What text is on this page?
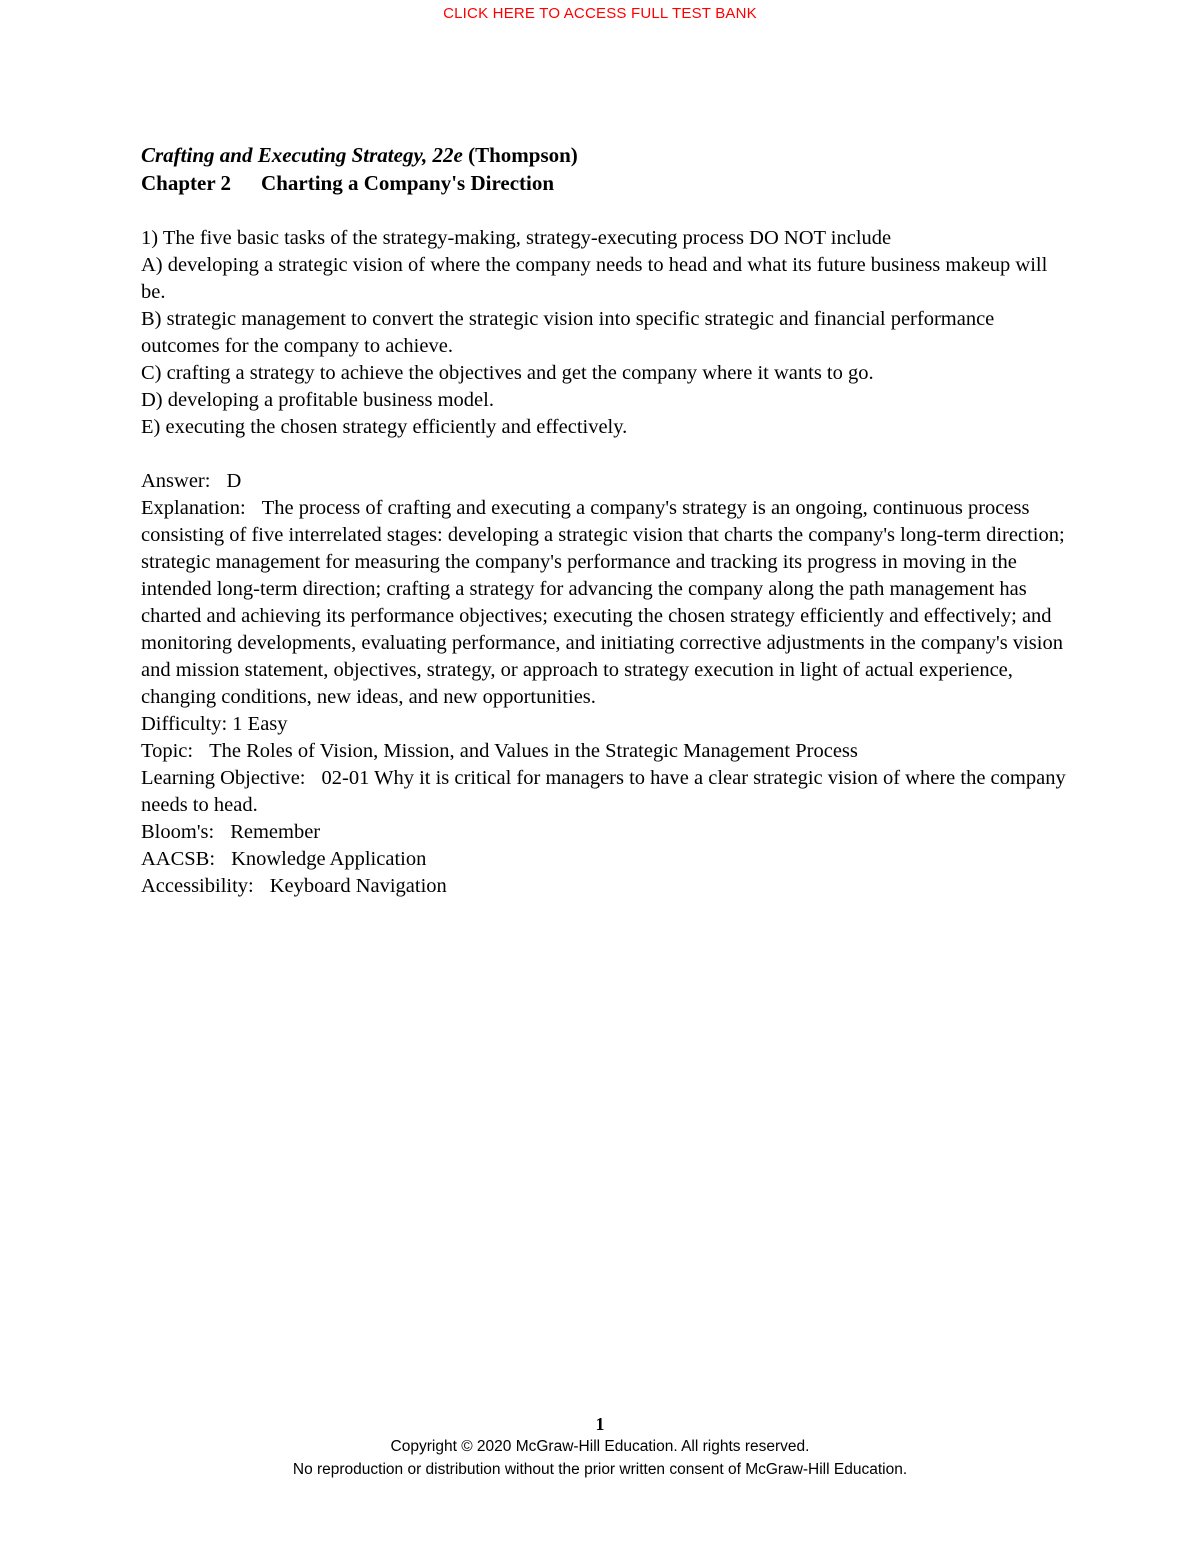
CLICK HERE TO ACCESS FULL TEST BANK

Crafting and Executing Strategy, 22e (Thompson)

Chapter 2 Charting a Company's Direction

1) The five basic tasks of the strategy-making, strategy-executing process DO NOT include

A) developing a strategic vision of where the company needs to head and what its future business makeup will be.

B) strategic management to convert the strategic vision into specific strategic and financial performance outcomes for the company to achieve.

C) crafting a strategy to achieve the objectives and get the company where it wants to go.

D) developing a profitable business model.

E) executing the chosen strategy efficiently and effectively.

Answer: D

Explanation: The process of crafting and executing a company's strategy is an ongoing, continuous process consisting of five interrelated stages: developing a strategic vision that charts the company's long-term direction; strategic management for measuring the company's performance and tracking its progress in moving in the intended long-term direction; crafting a strategy for advancing the company along the path management has charted and achieving its performance objectives; executing the chosen strategy efficiently and effectively; and monitoring developments, evaluating performance, and initiating corrective adjustments in the company's vision and mission statement, objectives, strategy, or approach to strategy execution in light of actual experience, changing conditions, new ideas, and new opportunities.

Difficulty: 1 Easy

Topic: The Roles of Vision, Mission, and Values in the Strategic Management Process

Learning Objective: 02-01 Why it is critical for managers to have a clear strategic vision of where the company needs to head.

Bloom's: Remember

AACSB: Knowledge Application

Accessibility: Keyboard Navigation

1
Copyright © 2020 McGraw-Hill Education. All rights reserved.
No reproduction or distribution without the prior written consent of McGraw-Hill Education.
